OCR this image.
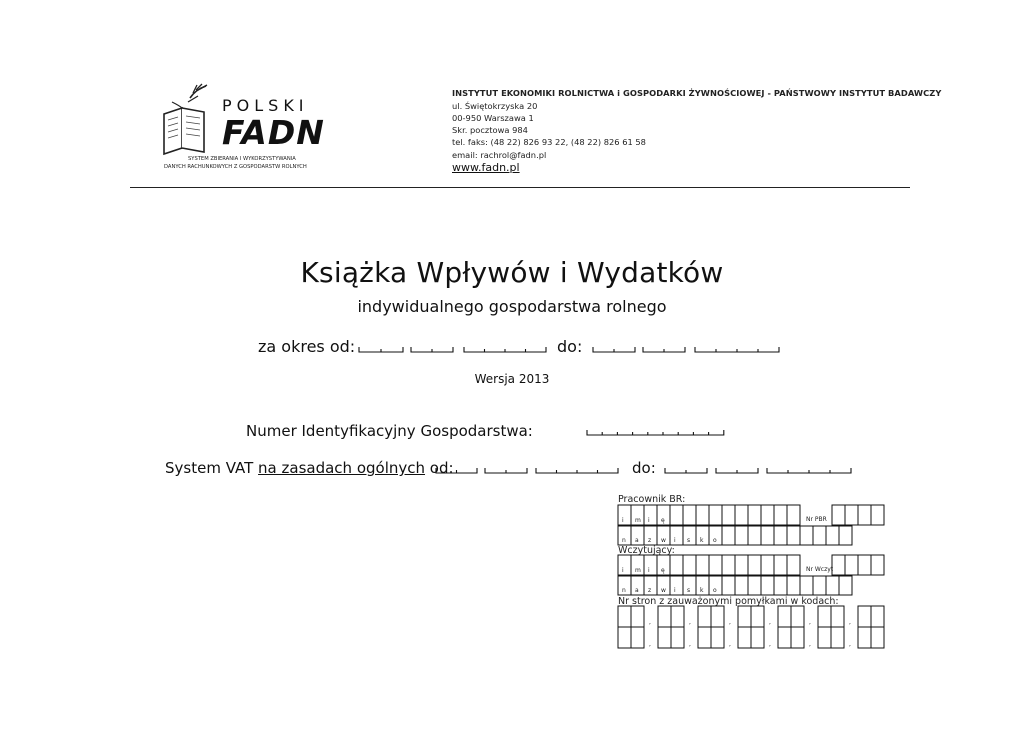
POLSKI
FADN
SYSTEM ZBIERANIA I WYKORZYSTYWANIA
DANYCH RACHUNKOWYCH Z GOSPODARSTW ROLNYCH
INSTYTUT EKONOMIKI ROLNICTWA i GOSPODARKI ŻYWNOŚCIOWEJ - PAŃSTWOWY INSTYTUT BADAWCZY
ul. Świętokrzyska 20
00-950 Warszawa 1
Skr. pocztowa 984
tel. faks: (48 22) 826 93 22, (48 22) 826 61 58
email: rachrol@fadn.pl
www.fadn.pl
Książka Wpływów i Wydatków
indywidualnego gospodarstwa rolnego
za okres od:	do:
Wersja 2013
Numer Identyfikacyjny Gospodarstwa:
System VAT na zasadach ogólnych od:	do:
Pracownik BR:
Wczytujący:
Nr stron z zauważonymi pomyłkami w kodach:
i m i ę	Nr PBR
n a z w i s k o
i m i ę	Nr Wczyt
n a z w i s k o
,
,
,
,
,
,
,
,
,
,
,
,
